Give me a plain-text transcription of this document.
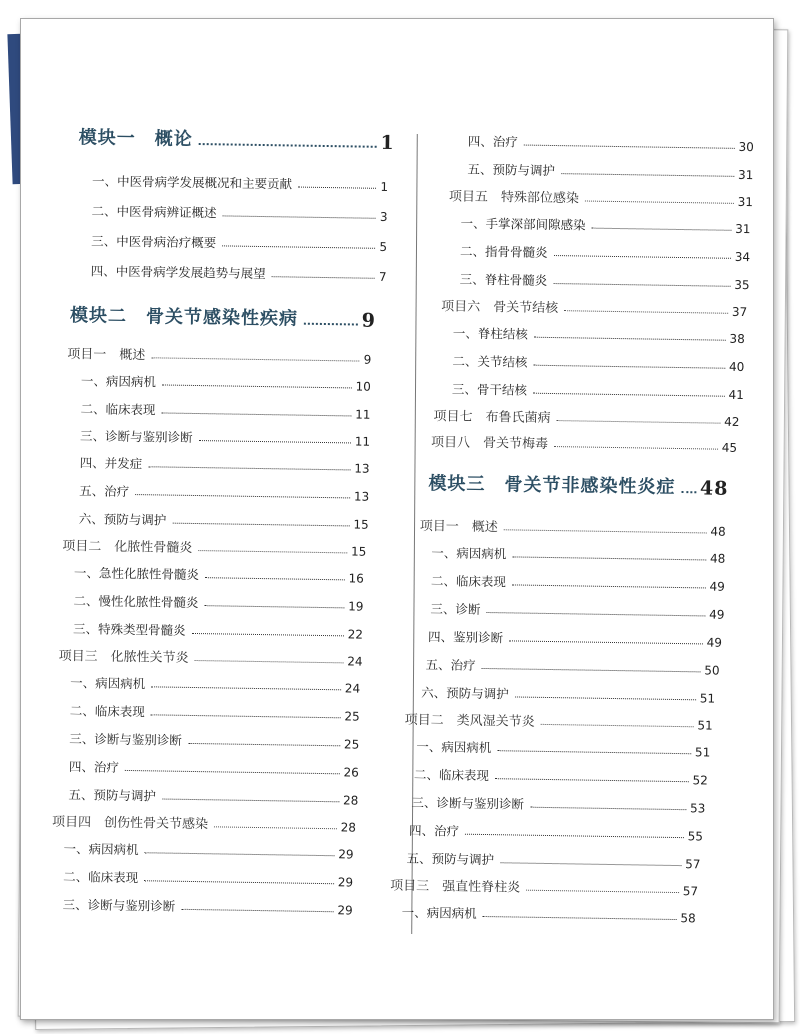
模块一　概论	1
一、中医骨病学发展概况和主要贡献	1
二、中医骨病辨证概述	3
三、中医骨病治疗概要	5
四、中医骨病学发展趋势与展望	7
模块二　骨关节感染性疾病	9
项目一　概述	9
一、病因病机	10
二、临床表现	11
三、诊断与鉴别诊断	11
四、并发症	13
五、治疗	13
六、预防与调护	15
项目二　化脓性骨髓炎	15
一、急性化脓性骨髓炎	16
二、慢性化脓性骨髓炎	19
三、特殊类型骨髓炎	22
项目三　化脓性关节炎	24
一、病因病机	24
二、临床表现	25
三、诊断与鉴别诊断	25
四、治疗	26
五、预防与调护	28
项目四　创伤性骨关节感染	28
一、病因病机	29
二、临床表现	29
三、诊断与鉴别诊断	29
四、治疗	30
五、预防与调护	31
项目五　特殊部位感染	31
一、手掌深部间隙感染	31
二、指骨骨髓炎	34
三、脊柱骨髓炎	35
项目六　骨关节结核	37
一、脊柱结核	38
二、关节结核	40
三、骨干结核	41
项目七　布鲁氏菌病	42
项目八　骨关节梅毒	45
模块三　骨关节非感染性炎症 48
项目一　概述	48
一、病因病机	48
二、临床表现	49
三、诊断	49
四、鉴别诊断	49
五、治疗	50
六、预防与调护	51
项目二　类风湿关节炎	51
一、病因病机	51
二、临床表现	52
三、诊断与鉴别诊断	53
四、治疗	55
五、预防与调护	57
项目三　强直性脊柱炎	57
一、病因病机	58
